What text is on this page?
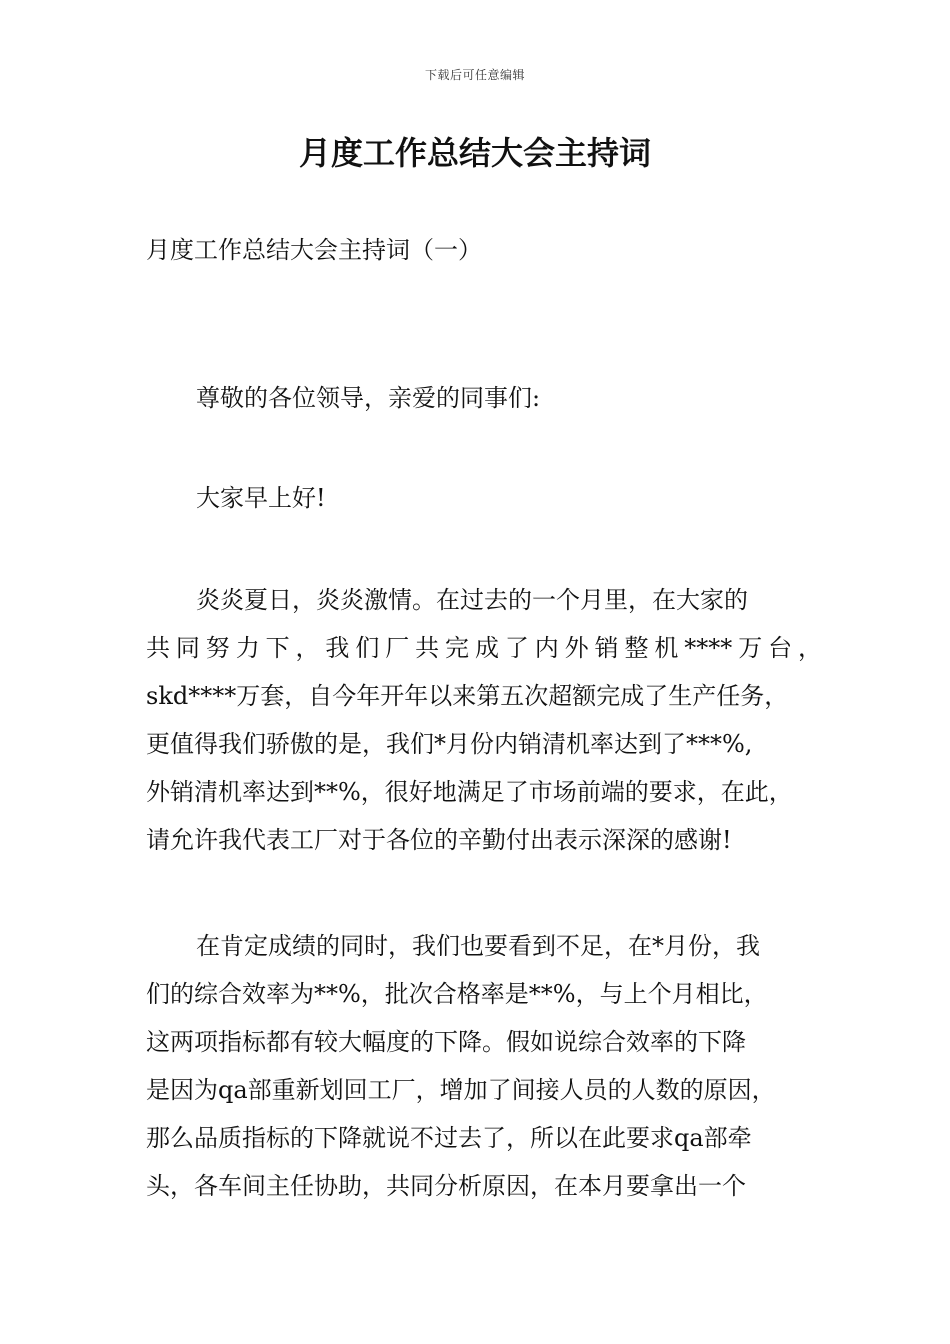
下载后可任意编辑
月度工作总结大会主持词
月度工作总结大会主持词（一）

尊敬的各位领导，亲爱的同事们:

大家早上好!

炎炎夏日，炎炎激情。在过去的一个月里，在大家的
共同努力下，我们厂共完成了内外销整机****万台，
skd****万套，自今年开年以来第五次超额完成了生产任务，
更值得我们骄傲的是，我们*月份内销清机率达到了***%,
外销清机率达到**%，很好地满足了市场前端的要求，在此，
请允许我代表工厂对于各位的辛勤付出表示深深的感谢!

在肯定成绩的同时，我们也要看到不足，在*月份，我
们的综合效率为**%，批次合格率是**%，与上个月相比，
这两项指标都有较大幅度的下降。假如说综合效率的下降
是因为qa部重新划回工厂，增加了间接人员的人数的原因，
那么品质指标的下降就说不过去了，所以在此要求qa部牵
头，各车间主任协助，共同分析原因，在本月要拿出一个
